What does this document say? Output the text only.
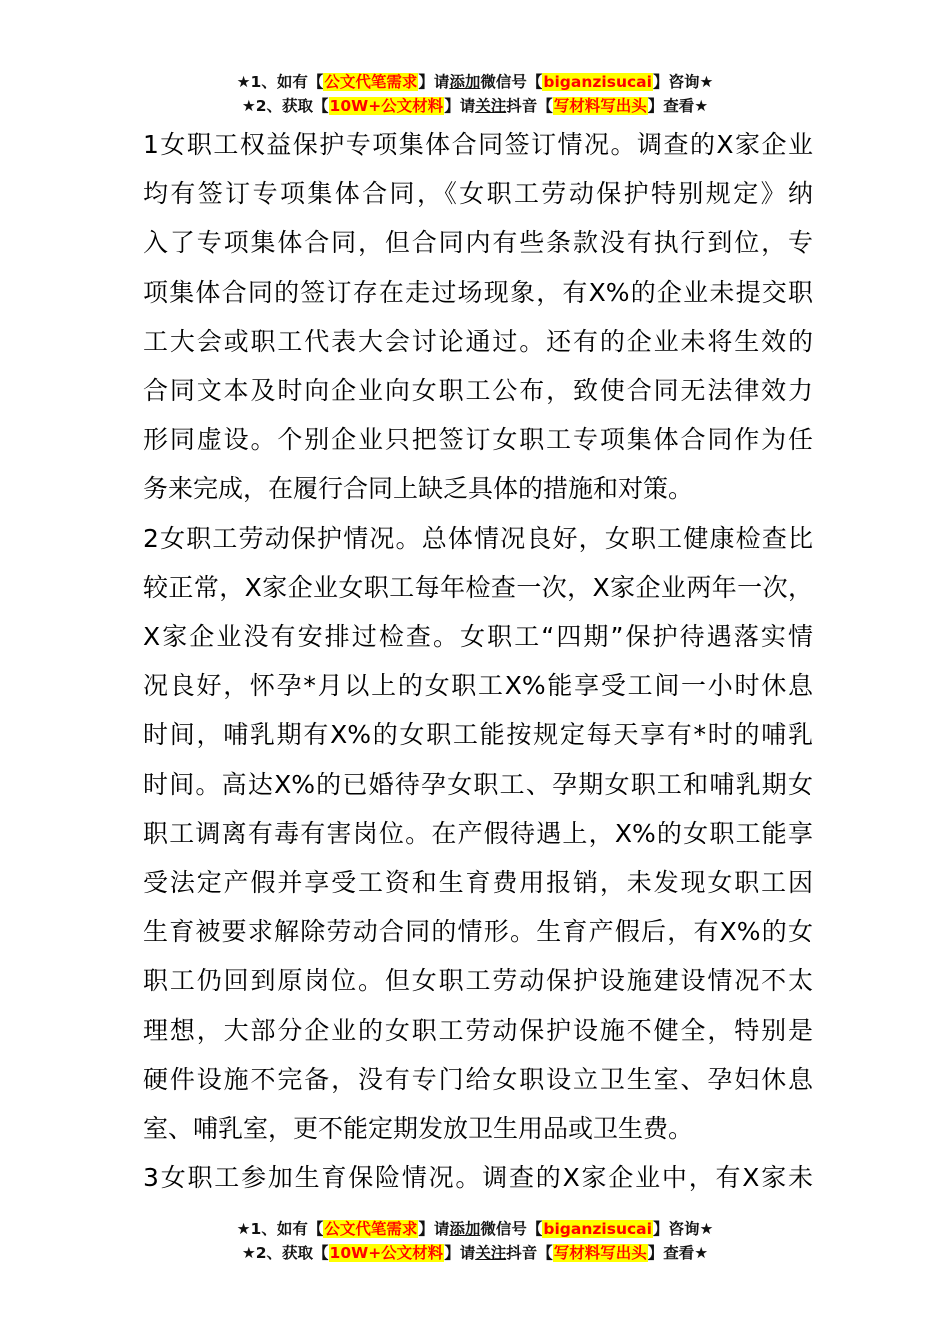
★1、如有【公文代笔需求】请添加微信号【biganzisucai】咨询★
★2、获取【10W+公文材料】请关注抖音【写材料写出头】查看★

1女职工权益保护专项集体合同签订情况。调查的X家企业
均有签订专项集体合同，《女职工劳动保护特别规定》纳
入了专项集体合同，但合同内有些条款没有执行到位，专
项集体合同的签订存在走过场现象，有X%的企业未提交职
工大会或职工代表大会讨论通过。还有的企业未将生效的
合同文本及时向企业向女职工公布，致使合同无法律效力
形同虚设。个别企业只把签订女职工专项集体合同作为任
务来完成，在履行合同上缺乏具体的措施和对策。

2女职工劳动保护情况。总体情况良好，女职工健康检查比
较正常，X家企业女职工每年检查一次，X家企业两年一次，
X家企业没有安排过检查。女职工“四期”保护待遇落实情
况良好，怀孕*月以上的女职工X%能享受工间一小时休息
时间，哺乳期有X%的女职工能按规定每天享有*时的哺乳
时间。高达X%的已婚待孕女职工、孕期女职工和哺乳期女
职工调离有毒有害岗位。在产假待遇上，X%的女职工能享
受法定产假并享受工资和生育费用报销，未发现女职工因
生育被要求解除劳动合同的情形。生育产假后，有X%的女
职工仍回到原岗位。但女职工劳动保护设施建设情况不太
理想，大部分企业的女职工劳动保护设施不健全，特别是
硬件设施不完备，没有专门给女职设立卫生室、孕妇休息
室、哺乳室，更不能定期发放卫生用品或卫生费。

3女职工参加生育保险情况。调查的X家企业中，有X家未

★1、如有【公文代笔需求】请添加微信号【biganzisucai】咨询★
★2、获取【10W+公文材料】请关注抖音【写材料写出头】查看★
